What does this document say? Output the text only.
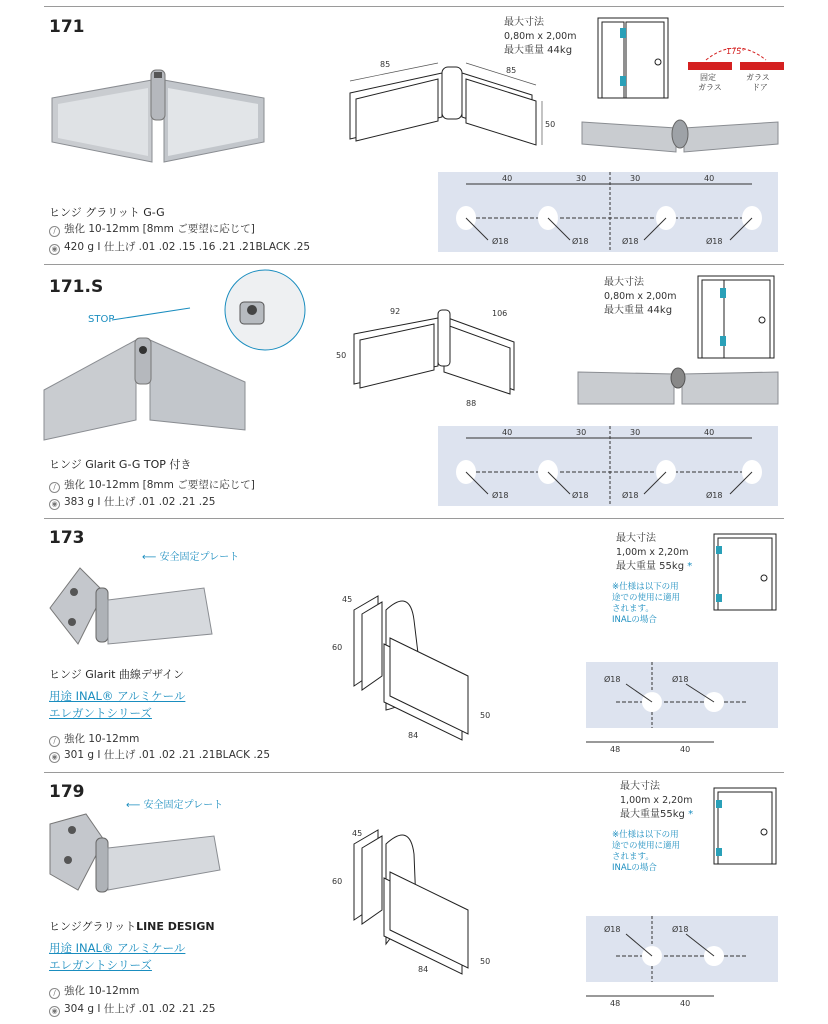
171
85
85
50
最大寸法
0,80m x 2,00m
最大重量 44kg	175°
固定
ガラス
ガラス
ドア
40	30	30	40
Ø18	Ø18	Ø18	Ø18
ヒンジ グラリット G-G
/ 強化 10-12mm [8mm ご要望に応じて]
◉ 420 g I 仕上げ .01 .02 .15 .16 .21 .21BLACK .25
171.S
STOP
92	106
50
88
最大寸法
0,80m x 2,00m
最大重量 44kg
40	30	30	40
Ø18	Ø18	Ø18	Ø18
ヒンジ Glarit G-G TOP 付き
/ 強化 10-12mm [8mm ご要望に応じて]
◉ 383 g I 仕上げ .01 .02 .21 .25
173
⟵ 安全固定プレート
45
60
84
50
最大寸法
1,00m x 2,20m
最大重量 55kg *
※仕様は以下の用
途での使用に適用
されます。
INALの場合
Ø18	Ø18
48	40
ヒンジ Glarit 曲線デザイン
用途 INAL® アルミケール
エレガントシリーズ
/ 強化 10-12mm
◉ 301 g I 仕上げ .01 .02 .21 .21BLACK .25
179
⟵ 安全固定プレート
45
60
84
50
最大寸法
1,00m x 2,20m
最大重量55kg *
※仕様は以下の用
途での使用に適用
されます。
INALの場合
Ø18	Ø18
48	40
ヒンジグラリットLINE DESIGN
用途 INAL® アルミケール
エレガントシリーズ
/ 強化 10-12mm
◉ 304 g I 仕上げ .01 .02 .21 .25
